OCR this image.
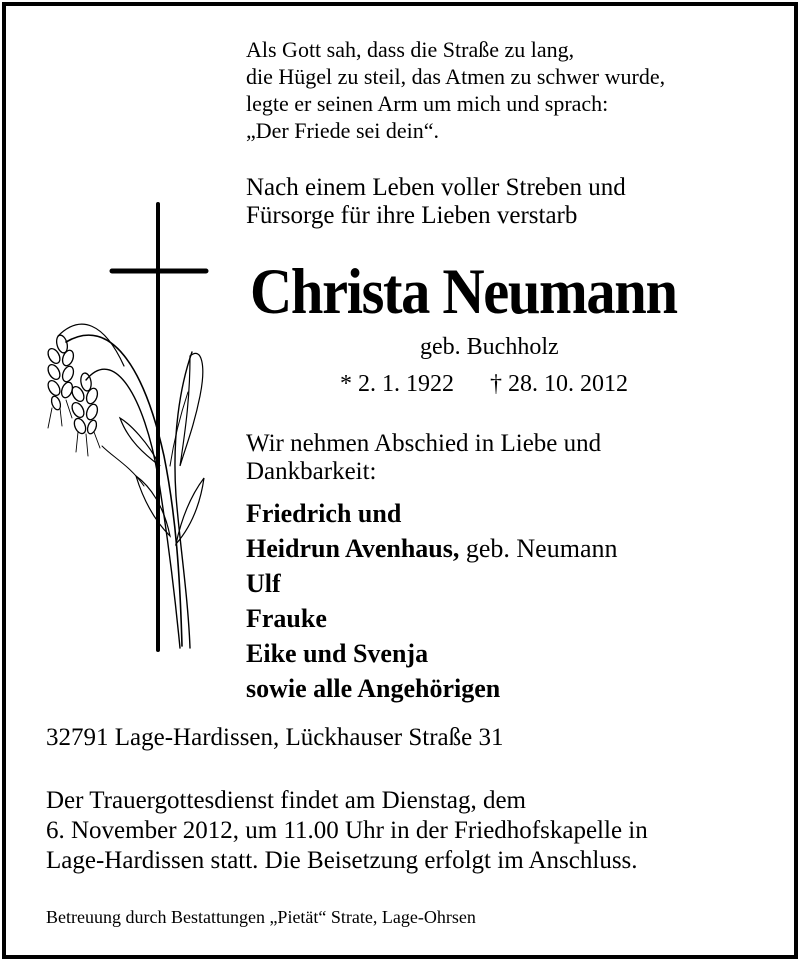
Als Gott sah, dass die Straße zu lang,
die Hügel zu steil, das Atmen zu schwer wurde,
legte er seinen Arm um mich und sprach:
„Der Friede sei dein“.
Nach einem Leben voller Streben und
Fürsorge für ihre Lieben verstarb
Christa Neumann
geb. Buchholz
* 2. 1. 1922 † 28. 10. 2012
Wir nehmen Abschied in Liebe und
Dankbarkeit:
Friedrich und
Heidrun Avenhaus, geb. Neumann
Ulf
Frauke
Eike und Svenja
sowie alle Angehörigen
32791 Lage-Hardissen, Lückhauser Straße 31
Der Trauergottesdienst findet am Dienstag, dem
6. November 2012, um 11.00 Uhr in der Friedhofskapelle in
Lage-Hardissen statt. Die Beisetzung erfolgt im Anschluss.
Betreuung durch Bestattungen „Pietät“ Strate, Lage-Ohrsen
